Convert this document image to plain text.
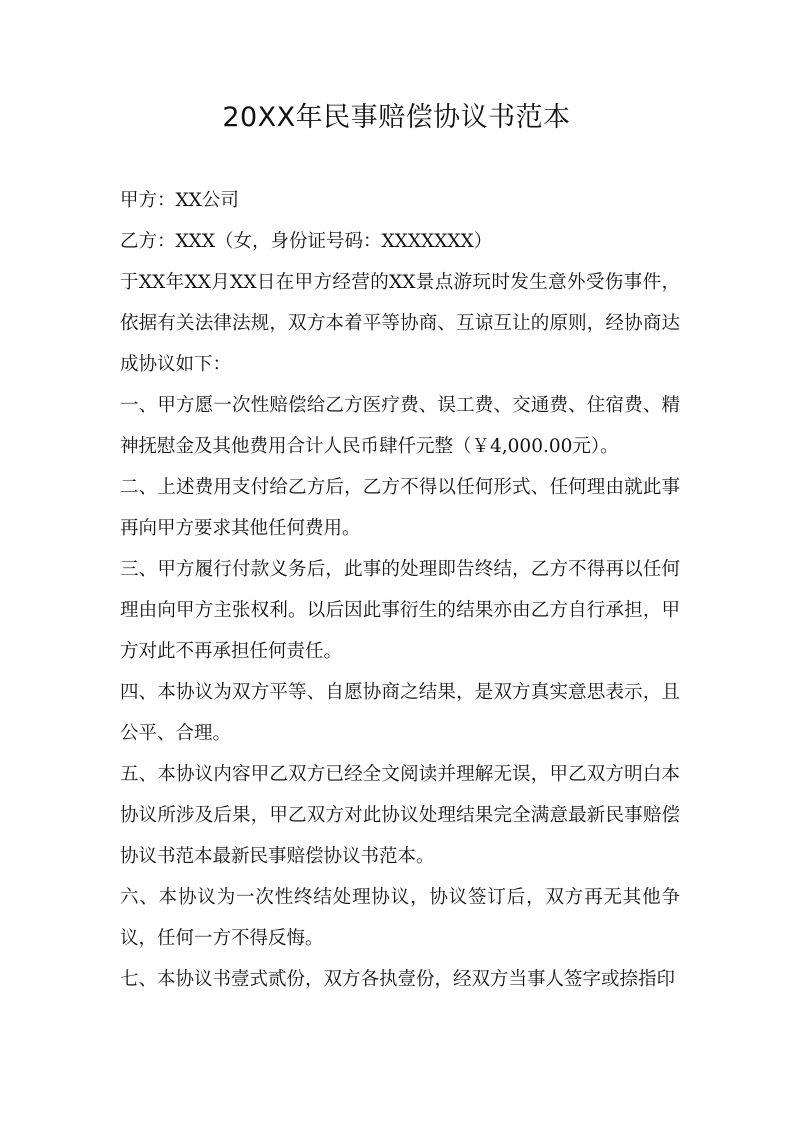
20XX年民事赔偿协议书范本

甲方：XX公司

乙方：XXX（女，身份证号码：XXXXXXX）

于XX年XX月XX日在甲方经营的XX景点游玩时发生意外受伤事件，依据有关法律法规，双方本着平等协商、互谅互让的原则，经协商达成协议如下：

一、甲方愿一次性赔偿给乙方医疗费、误工费、交通费、住宿费、精神抚慰金及其他费用合计人民币肆仟元整（￥4,000.00元）。

二、上述费用支付给乙方后，乙方不得以任何形式、任何理由就此事再向甲方要求其他任何费用。

三、甲方履行付款义务后，此事的处理即告终结，乙方不得再以任何理由向甲方主张权利。以后因此事衍生的结果亦由乙方自行承担，甲方对此不再承担任何责任。

四、本协议为双方平等、自愿协商之结果，是双方真实意思表示，且公平、合理。

五、本协议内容甲乙双方已经全文阅读并理解无误，甲乙双方明白本协议所涉及后果，甲乙双方对此协议处理结果完全满意最新民事赔偿协议书范本最新民事赔偿协议书范本。

六、本协议为一次性终结处理协议，协议签订后，双方再无其他争议，任何一方不得反悔。

七、本协议书壹式贰份，双方各执壹份，经双方当事人签字或捺指印
